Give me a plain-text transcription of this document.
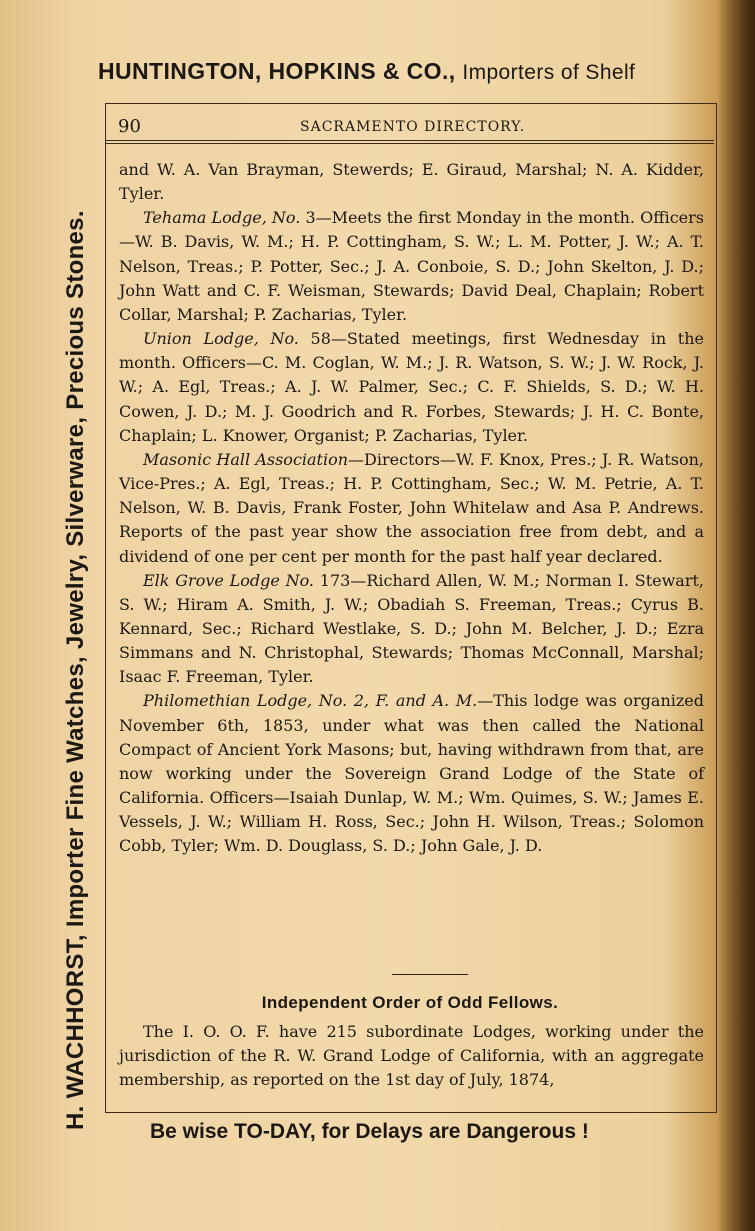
HUNTINGTON, HOPKINS & CO., Importers of Shelf
H. WACHHORST, Importer Fine Watches, Jewelry, Silverware, Precious Stones.
90	SACRAMENTO DIRECTORY.

and W. A. Van Brayman, Stewerds; E. Giraud, Marshal; N. A. Kidder, Tyler.

Tehama Lodge, No. 3—Meets the first Monday in the month. Officers—W. B. Davis, W. M.; H. P. Cottingham, S. W.; L. M. Potter, J. W.; A. T. Nelson, Treas.; P. Potter, Sec.; J. A. Conboie, S. D.; John Skelton, J. D.; John Watt and C. F. Weisman, Stewards; David Deal, Chaplain; Robert Collar, Marshal; P. Zacharias, Tyler.

Union Lodge, No. 58—Stated meetings, first Wednesday in the month. Officers—C. M. Coglan, W. M.; J. R. Watson, S. W.; J. W. Rock, J. W.; A. Egl, Treas.; A. J. W. Palmer, Sec.; C. F. Shields, S. D.; W. H. Cowen, J. D.; M. J. Goodrich and R. Forbes, Stewards; J. H. C. Bonte, Chaplain; L. Knower, Organist; P. Zacharias, Tyler.

Masonic Hall Association—Directors—W. F. Knox, Pres.; J. R. Watson, Vice-Pres.; A. Egl, Treas.; H. P. Cottingham, Sec.; W. M. Petrie, A. T. Nelson, W. B. Davis, Frank Foster, John Whitelaw and Asa P. Andrews. Reports of the past year show the association free from debt, and a dividend of one per cent per month for the past half year declared.

Elk Grove Lodge No. 173—Richard Allen, W. M.; Norman I. Stewart, S. W.; Hiram A. Smith, J. W.; Obadiah S. Freeman, Treas.; Cyrus B. Kennard, Sec.; Richard Westlake, S. D.; John M. Belcher, J. D.; Ezra Simmans and N. Christophal, Stewards; Thomas McConnall, Marshal; Isaac F. Freeman, Tyler.

Philomethian Lodge, No. 2, F. and A. M.—This lodge was organized November 6th, 1853, under what was then called the National Compact of Ancient York Masons; but, having withdrawn from that, are now working under the Sovereign Grand Lodge of the State of California. Officers—Isaiah Dunlap, W. M.; Wm. Quimes, S. W.; James E. Vessels, J. W.; William H. Ross, Sec.; John H. Wilson, Treas.; Solomon Cobb, Tyler; Wm. D. Douglass, S. D.; John Gale, J. D.

Independent Order of Odd Fellows.

The I. O. O. F. have 215 subordinate Lodges, working under the jurisdiction of the R. W. Grand Lodge of California, with an aggregate membership, as reported on the 1st day of July, 1874,

Be wise TO-DAY, for Delays are Dangerous !
